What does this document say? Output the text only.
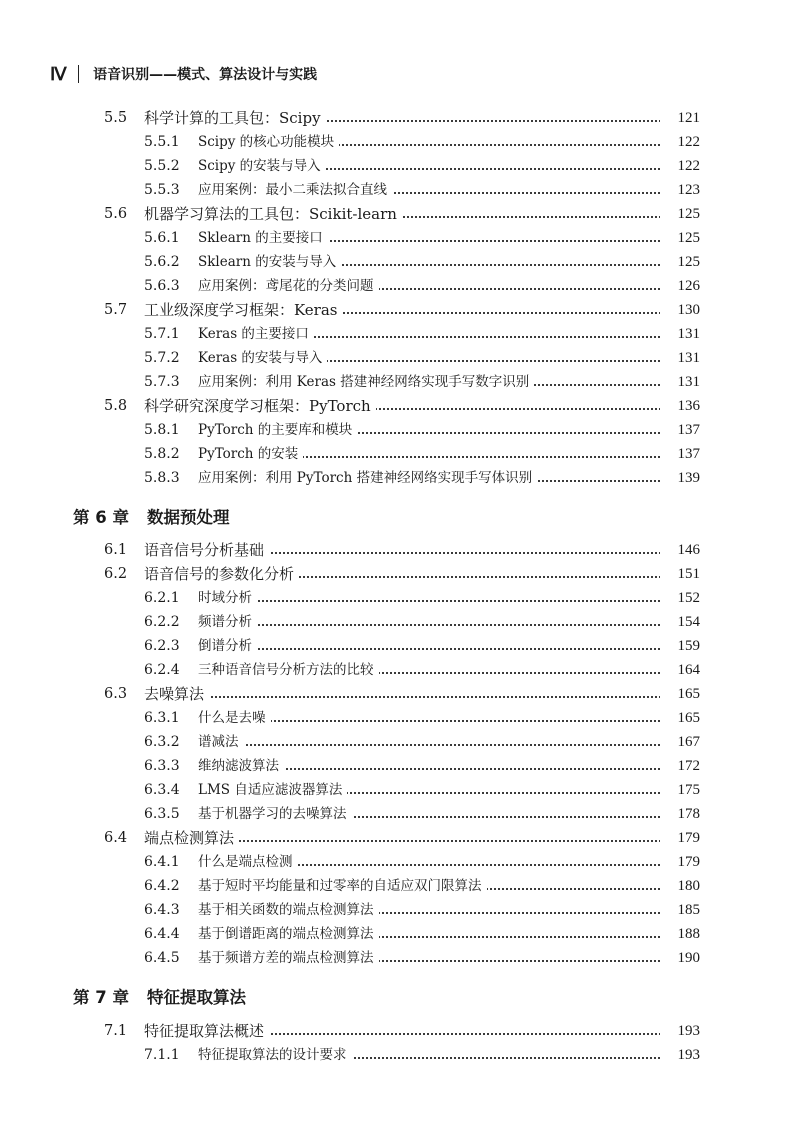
Ⅳ 语音识别——模式、算法设计与实践
5.5 科学计算的工具包：Scipy	121
5.5.1 Scipy 的核心功能模块	122
5.5.2 Scipy 的安装与导入	122
5.5.3 应用案例：最小二乘法拟合直线	123
5.6 机器学习算法的工具包：Scikit-learn	125
5.6.1 Sklearn 的主要接口	125
5.6.2 Sklearn 的安装与导入	125
5.6.3 应用案例：鸢尾花的分类问题	126
5.7 工业级深度学习框架：Keras	130
5.7.1 Keras 的主要接口	131
5.7.2 Keras 的安装与导入	131
5.7.3 应用案例：利用 Keras 搭建神经网络实现手写数字识别	131
5.8 科学研究深度学习框架：PyTorch	136
5.8.1 PyTorch 的主要库和模块	137
5.8.2 PyTorch 的安装	137
5.8.3 应用案例：利用 PyTorch 搭建神经网络实现手写体识别	139
第 6 章 数据预处理
6.1 语音信号分析基础	146
6.2 语音信号的参数化分析	151
6.2.1 时域分析	152
6.2.2 频谱分析	154
6.2.3 倒谱分析	159
6.2.4 三种语音信号分析方法的比较	164
6.3 去噪算法	165
6.3.1 什么是去噪	165
6.3.2 谱减法	167
6.3.3 维纳滤波算法	172
6.3.4 LMS 自适应滤波器算法	175
6.3.5 基于机器学习的去噪算法	178
6.4 端点检测算法	179
6.4.1 什么是端点检测	179
6.4.2 基于短时平均能量和过零率的自适应双门限算法	180
6.4.3 基于相关函数的端点检测算法	185
6.4.4 基于倒谱距离的端点检测算法	188
6.4.5 基于频谱方差的端点检测算法	190
第 7 章 特征提取算法
7.1 特征提取算法概述	193
7.1.1 特征提取算法的设计要求	193
